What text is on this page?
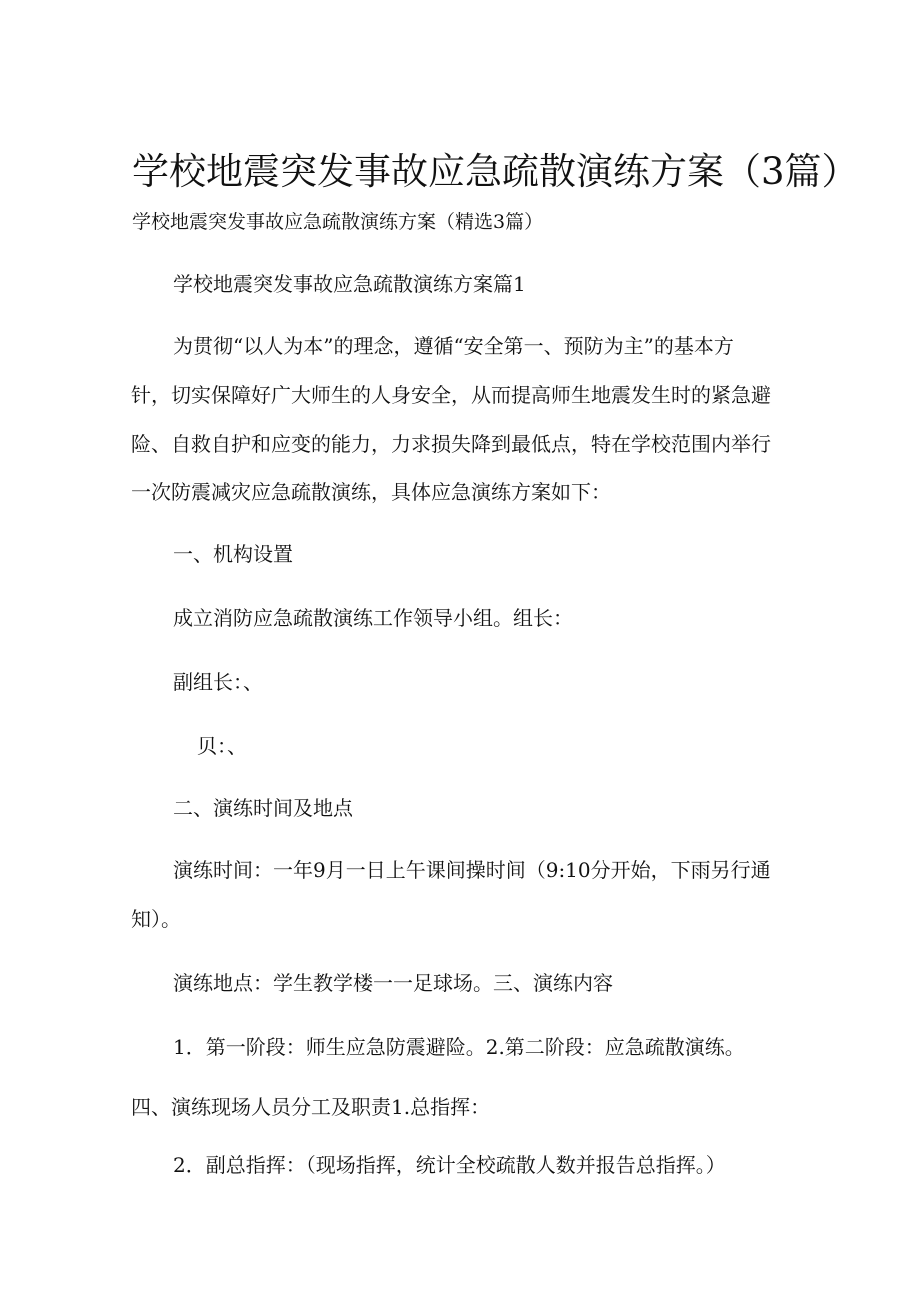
学校地震突发事故应急疏散演练方案（3篇）
学校地震突发事故应急疏散演练方案（精选3篇）
学校地震突发事故应急疏散演练方案篇1
为贯彻“以人为本”的理念，遵循“安全第一、预防为主”的基本方
针，切实保障好广大师生的人身安全，从而提高师生地震发生时的紧急避
险、自救自护和应变的能力，力求损失降到最低点，特在学校范围内举行
一次防震减灾应急疏散演练，具体应急演练方案如下：
一、机构设置
成立消防应急疏散演练工作领导小组。组长：
副组长：、
贝：、
二、演练时间及地点
演练时间：一年9月一日上午课间操时间（9:10分开始，下雨另行通
知）。
演练地点：学生教学楼一一足球场。三、演练内容
1．第一阶段：师生应急防震避险。2.第二阶段：应急疏散演练。
四、演练现场人员分工及职责1.总指挥：
2．副总指挥：（现场指挥，统计全校疏散人数并报告总指挥。）
